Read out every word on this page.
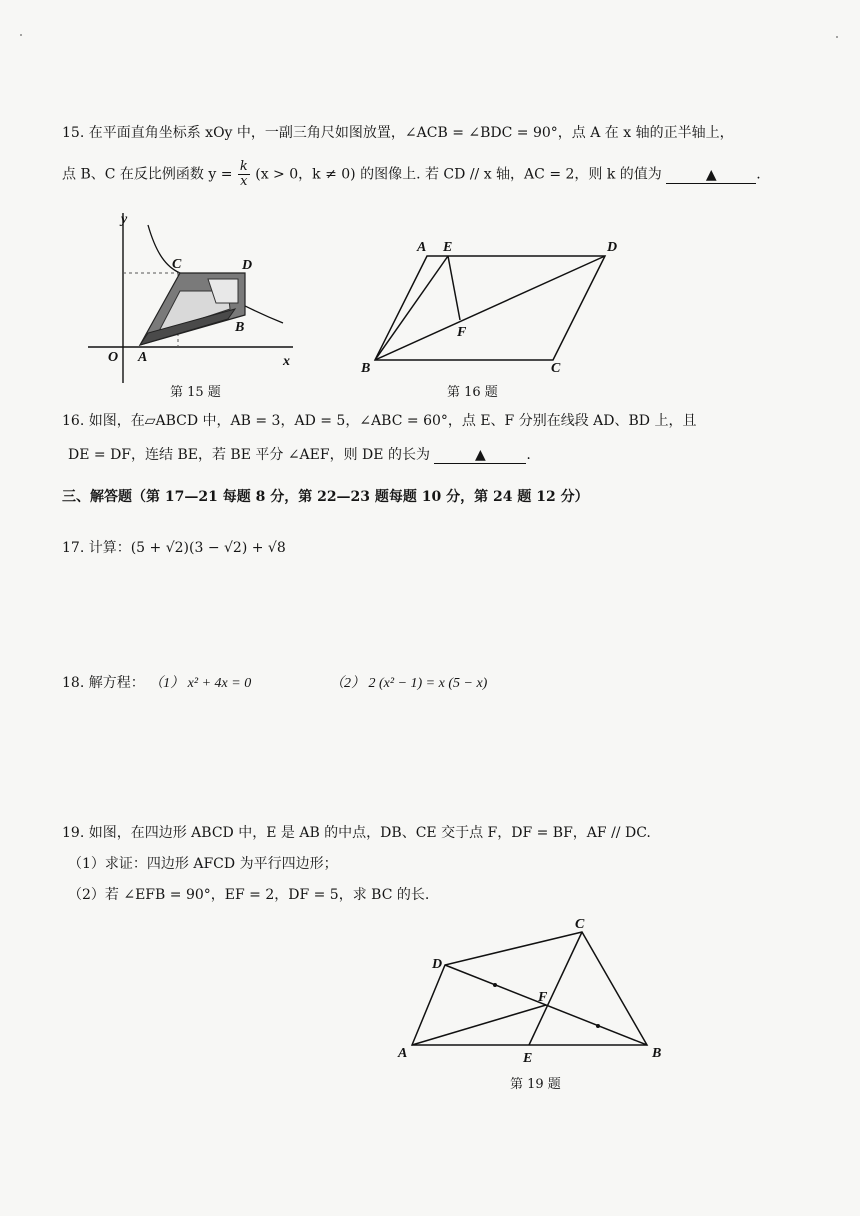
15. 在平面直角坐标系 xOy 中，一副三角尺如图放置，∠ACB = ∠BDC = 90°，点 A 在 x 轴的正半轴上，
点 B、C 在反比例函数 $y = \frac{k}{x} (x > 0$，k ≠ 0) 的图像上. 若 CD // x 轴，AC = 2，则 k 的值为	▲	.
y
x
O A
B
C	D
第 15 题
A E	D
F
B	C
第 16 题
16. 如图，在▱ABCD 中，AB = 3，AD = 5，∠ABC = 60°，点 E、F 分别在线段 AD、BD 上，且
DE = DF，连结 BE，若 BE 平分 ∠AEF，则 DE 的长为	▲	.
三、解答题（第 17—21 每题 8 分，第 22—23 题每题 10 分，第 24 题 12 分）
17. 计算：(5 + √2)(3 − √2) + √8
18. 解方程： （1） x² + 4x = 0	（2） 2 (x² − 1) = x (5 − x)
19. 如图，在四边形 ABCD 中，E 是 AB 的中点，DB、CE 交于点 F，DF = BF，AF // DC.
（1）求证：四边形 AFCD 为平行四边形；
（2）若 ∠EFB = 90°，EF = 2，DF = 5，求 BC 的长.
C
D
F
A	E	B
第 19 题
